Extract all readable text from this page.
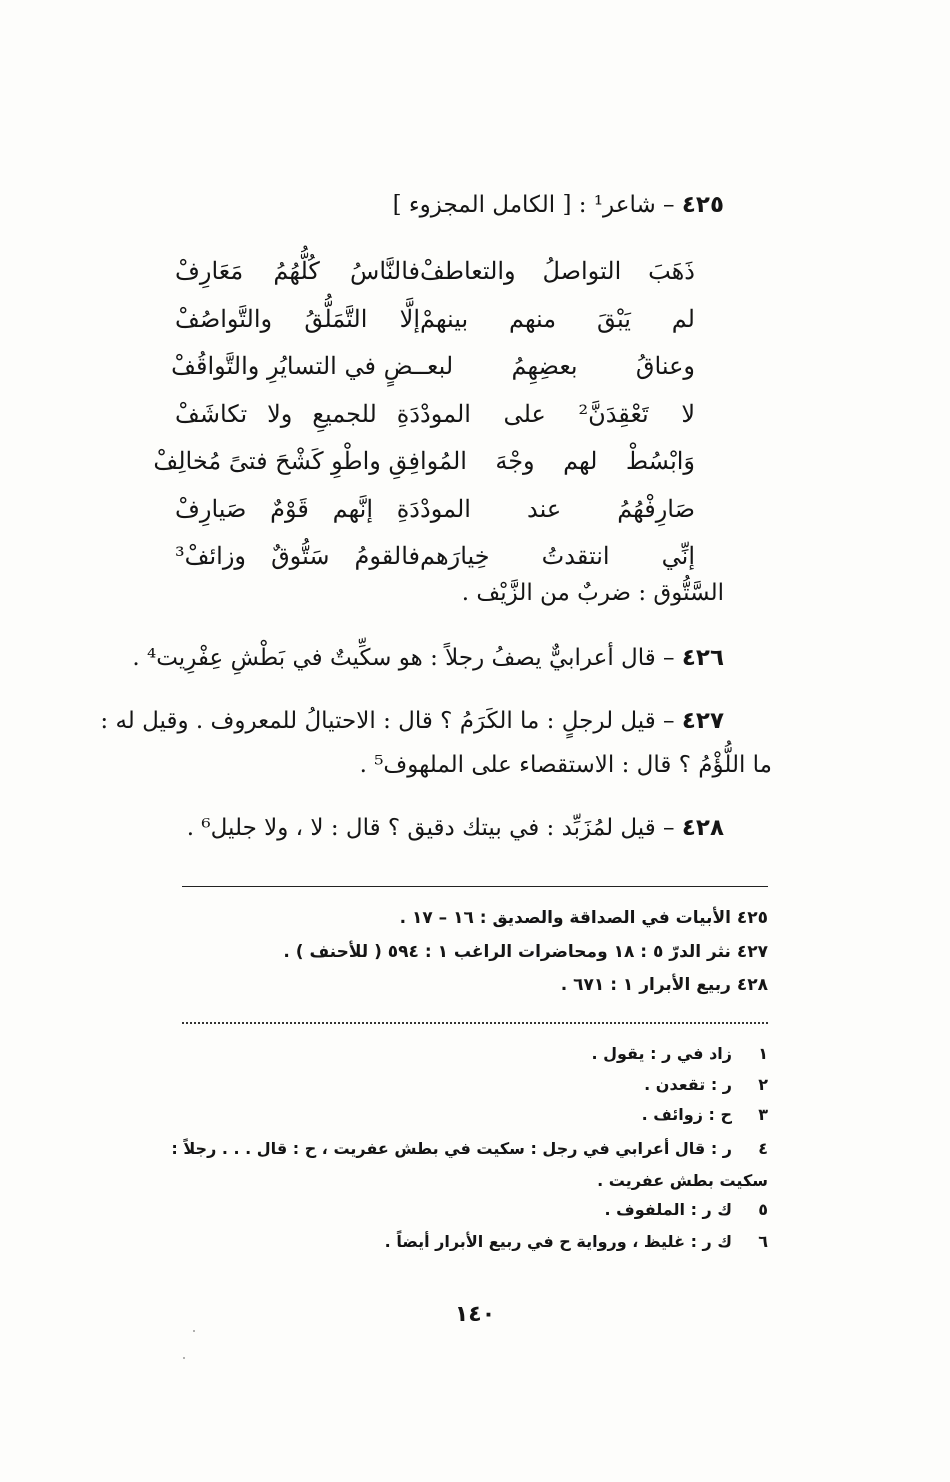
٤٢٥ – شاعر¹ : [ الكامل المجزوء ]
ذَهَبَ التواصلُ والتعاطفْ
فالنَّاسُ كُلُّهُمُ مَعَارِفْ
لم يَبْقَ منهم بينهمْ
إلَّا التَّمَلُّقُ والتَّواصُفْ
وعناقُ بعضِهِمُ لبعـ
ـضٍ في التسايُرِ والتَّواقُفْ
لا تَعْقِدَنَّ² على المودْ
دَةِ للجميعِ ولا تكاشَفْ
وَابْسُطْ لهم وجْهَ المُوا
فِقِ واطْوِ كَشْحَ فتىً مُخالِفْ
صَارِفْهُمُ عند المودْ
دَةِ إنَّهم قَوْمٌ صَيارِفْ
إنِّي انتقدتُ خِيارَهم
فالقومُ سَتُّوقٌ وزائفْ³
السَّتُّوق : ضربٌ من الزَّيْف .
٤٢٦ – قال أعرابيٌّ يصفُ رجلاً : هو سكِّيتٌ في بَطْشِ عِفْرِيت⁴ .
٤٢٧ – قيل لرجلٍ : ما الكَرَمُ ؟ قال : الاحتيالُ للمعروف . وقيل له :
ما اللُّؤْمُ ؟ قال : الاستقصاء على الملهوف⁵ .
٤٢٨ – قيل لمُزَبِّد : في بيتك دقيق ؟ قال : لا ، ولا جليل⁶ .
٤٢٥ الأبيات في الصداقة والصديق : ١٦ – ١٧ .
٤٢٧ نثر الدرّ ٥ : ١٨ ومحاضرات الراغب ١ : ٥٩٤ ( للأحنف ) .
٤٢٨ ربيع الأبرار ١ : ٦٧١ .
١زاد في ر : يقول .
٢ر : تقعدن .
٣ح : زوائف .
٤ر : قال أعرابي في رجل : سكيت في بطش عفريت ، ح : قال . . . رجلاً : سكيت بطش عفريت .
٥ك ر : الملفوف .
٦ك ر : غليظ ، ورواية ح في ربيع الأبرار أيضاً .
١٤٠
